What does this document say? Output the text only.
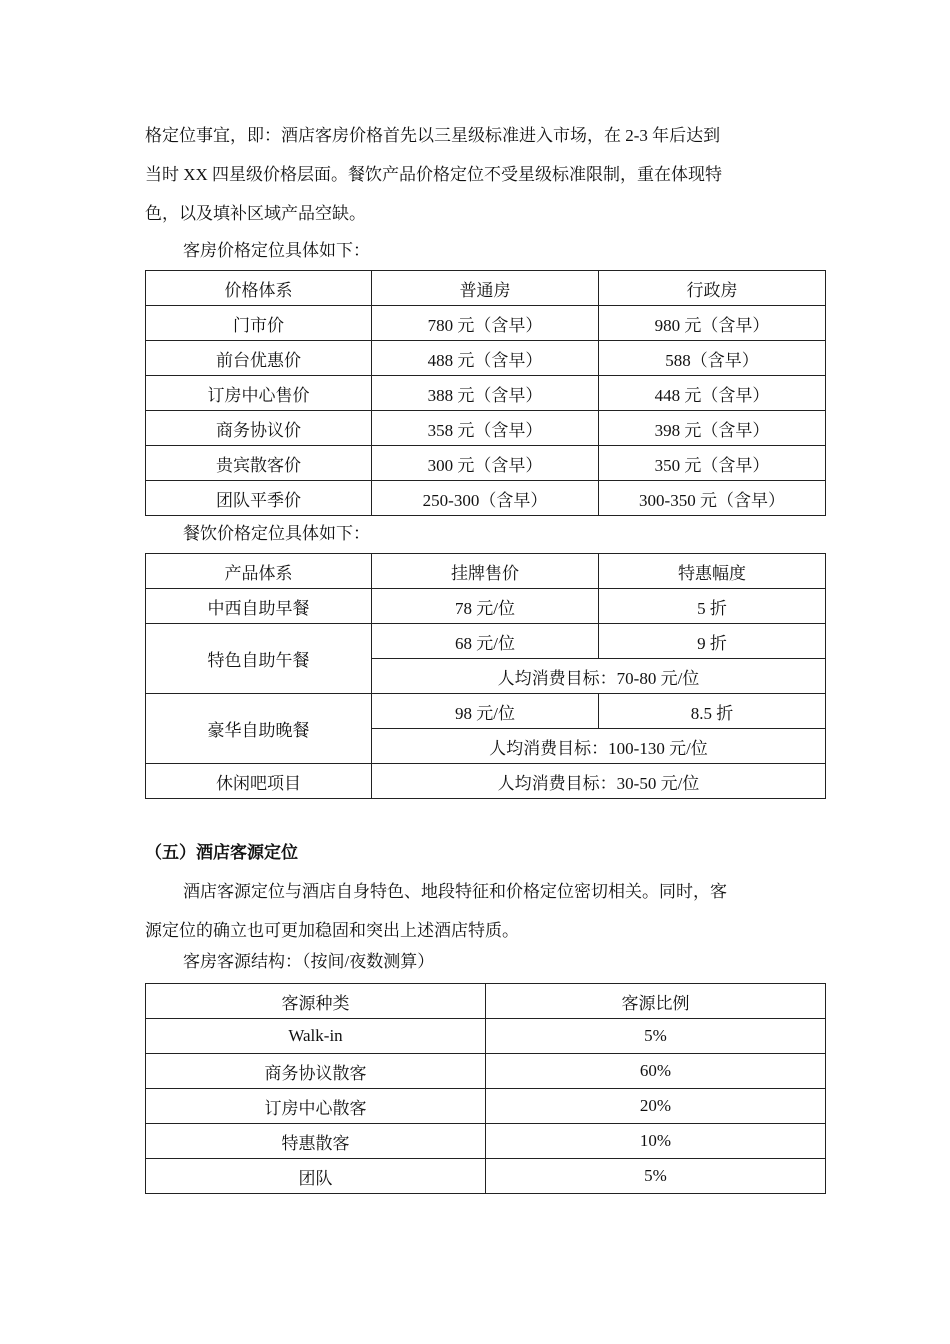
格定位事宜，即：酒店客房价格首先以三星级标准进入市场，在 2-3 年后达到

当时 XX 四星级价格层面。餐饮产品价格定位不受星级标准限制，重在体现特

色，以及填补区域产品空缺。

客房价格定位具体如下：

价格体系	普通房	行政房
门市价	780 元（含早）	980 元（含早）
前台优惠价	488 元（含早）	588（含早）
订房中心售价	388 元（含早）	448 元（含早）
商务协议价	358 元（含早）	398 元（含早）
贵宾散客价	300 元（含早）	350 元（含早）
团队平季价	250-300（含早）	300-350 元（含早）

餐饮价格定位具体如下：

产品体系	挂牌售价	特惠幅度
中西自助早餐	78 元/位	5 折
特色自助午餐	68 元/位	9 折
	人均消费目标：70-80 元/位	
豪华自助晚餐	98 元/位	8.5 折
	人均消费目标：100-130 元/位	
休闲吧项目	人均消费目标：30-50 元/位	

（五）酒店客源定位

酒店客源定位与酒店自身特色、地段特征和价格定位密切相关。同时，客

源定位的确立也可更加稳固和突出上述酒店特质。

客房客源结构：（按间/夜数测算）

客源种类	客源比例
Walk-in	5%
商务协议散客	60%
订房中心散客	20%
特惠散客	10%
团队	5%
